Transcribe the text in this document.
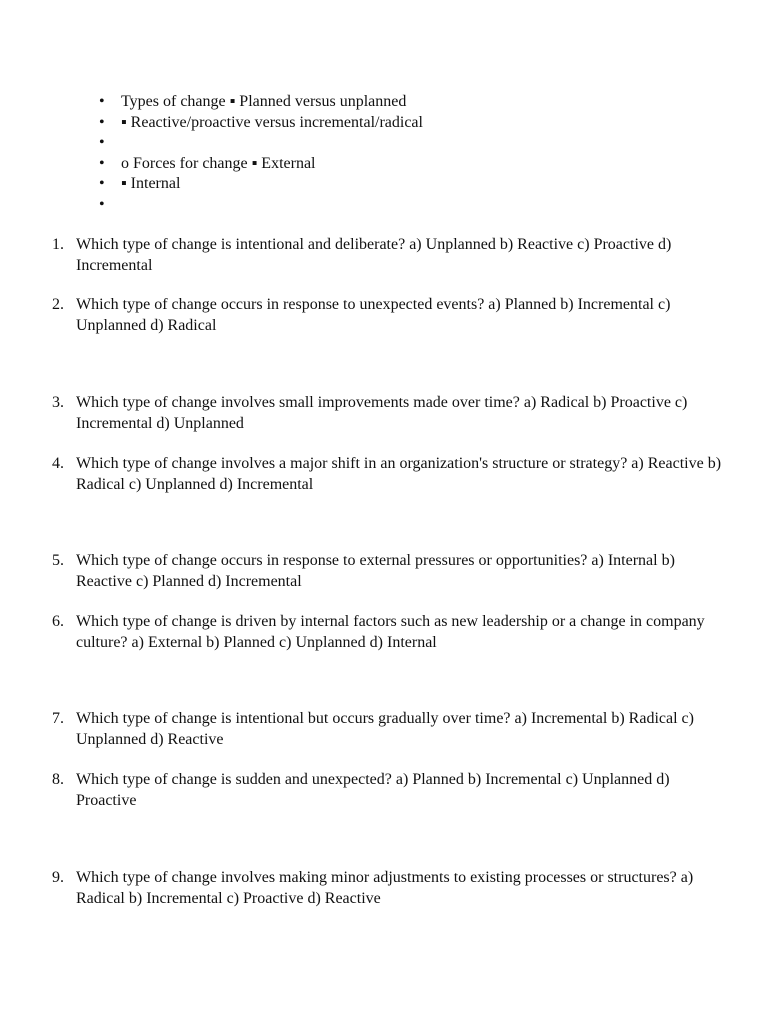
• Types of change ▪ Planned versus unplanned
• ▪ Reactive/proactive versus incremental/radical
•
• o Forces for change ▪ External
• ▪ Internal
•
1. Which type of change is intentional and deliberate? a) Unplanned b) Reactive c) Proactive d) Incremental
2. Which type of change occurs in response to unexpected events? a) Planned b) Incremental c) Unplanned d) Radical
3. Which type of change involves small improvements made over time? a) Radical b) Proactive c) Incremental d) Unplanned
4. Which type of change involves a major shift in an organization's structure or strategy? a) Reactive b) Radical c) Unplanned d) Incremental
5. Which type of change occurs in response to external pressures or opportunities? a) Internal b) Reactive c) Planned d) Incremental
6. Which type of change is driven by internal factors such as new leadership or a change in company culture? a) External b) Planned c) Unplanned d) Internal
7. Which type of change is intentional but occurs gradually over time? a) Incremental b) Radical c) Unplanned d) Reactive
8. Which type of change is sudden and unexpected? a) Planned b) Incremental c) Unplanned d) Proactive
9. Which type of change involves making minor adjustments to existing processes or structures? a) Radical b) Incremental c) Proactive d) Reactive
